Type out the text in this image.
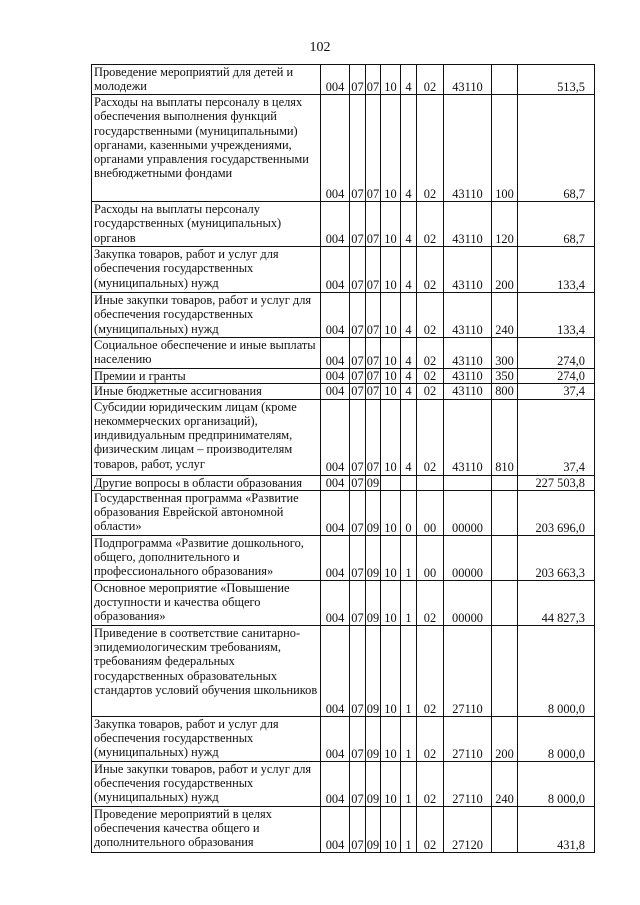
102
Проведение мероприятий для детей и молодежи	004	07	07	10	4	02	43110		513,5
Расходы на выплаты персоналу в целях обеспечения выполнения функций государственными (муниципальными) органами, казенными учреждениями, органами управления государственными внебюджетными фондами	004	07	07	10	4	02	43110	100	68,7
Расходы на выплаты персоналу государственных (муниципальных) органов	004	07	07	10	4	02	43110	120	68,7
Закупка товаров, работ и услуг для обеспечения государственных (муниципальных) нужд	004	07	07	10	4	02	43110	200	133,4
Иные закупки товаров, работ и услуг для обеспечения государственных (муниципальных) нужд	004	07	07	10	4	02	43110	240	133,4
Социальное обеспечение и иные выплаты населению	004	07	07	10	4	02	43110	300	274,0
Премии и гранты	004	07	07	10	4	02	43110	350	274,0
Иные бюджетные ассигнования	004	07	07	10	4	02	43110	800	37,4
Субсидии юридическим лицам (кроме некоммерческих организаций), индивидуальным предпринимателям, физическим лицам – производителям товаров, работ, услуг	004	07	07	10	4	02	43110	810	37,4
Другие вопросы в области образования	004	07	09						227 503,8
Государственная программа «Развитие образования Еврейской автономной области»	004	07	09	10	0	00	00000		203 696,0
Подпрограмма «Развитие дошкольного, общего, дополнительного и профессионального образования»	004	07	09	10	1	00	00000		203 663,3
Основное мероприятие «Повышение доступности и качества общего образования»	004	07	09	10	1	02	00000		44 827,3
Приведение в соответствие санитарно-эпидемиологическим требованиям, требованиям федеральных государственных образовательных стандартов условий обучения школьников	004	07	09	10	1	02	27110		8 000,0
Закупка товаров, работ и услуг для обеспечения государственных (муниципальных) нужд	004	07	09	10	1	02	27110	200	8 000,0
Иные закупки товаров, работ и услуг для обеспечения государственных (муниципальных) нужд	004	07	09	10	1	02	27110	240	8 000,0
Проведение мероприятий в целях обеспечения качества общего и дополнительного образования	004	07	09	10	1	02	27120		431,8
